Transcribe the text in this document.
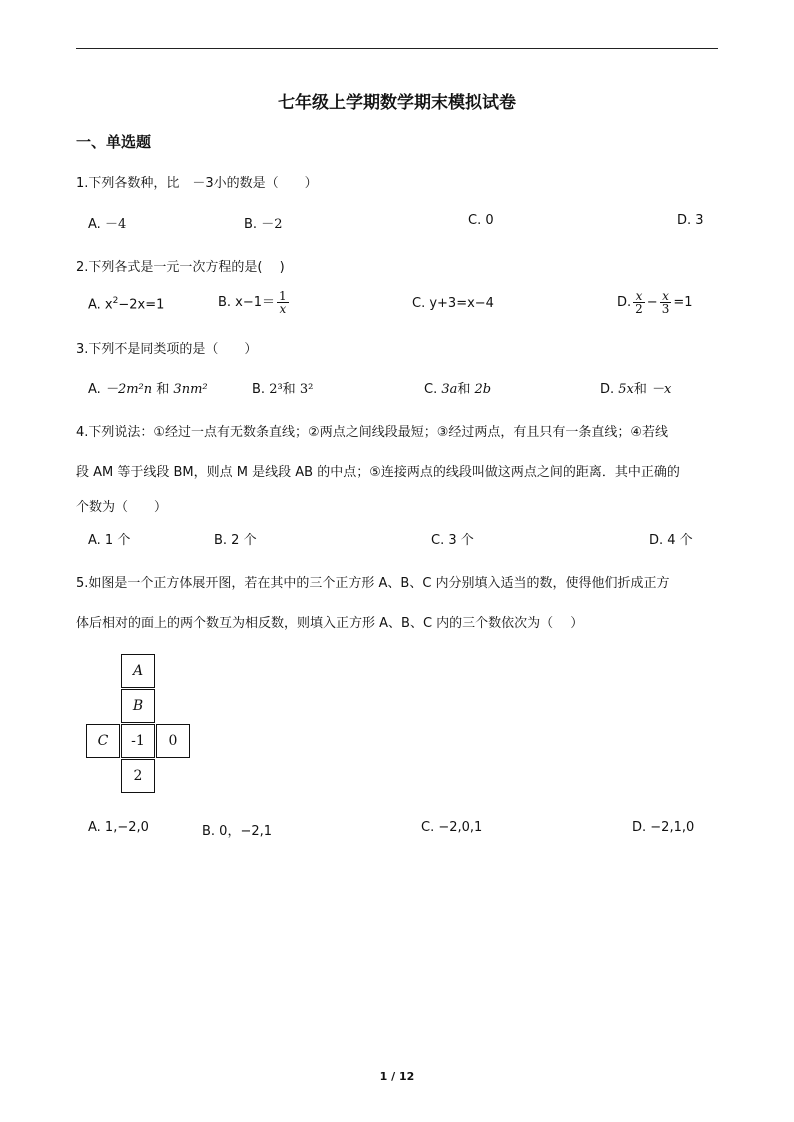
七年级上学期数学期末模拟试卷
一、单选题
1.下列各数种，比　－3小的数是（　　）
A. －4	B. －2	C. 0	D. 3
2.下列各式是一元一次方程的是(　 )
A. $x^2-2x=1$	B. $x-1= \frac{1}{x}$	C. y+3=x−4	D. $\frac{x}{2} - \frac{x}{3} =1$
3.下列不是同类项的是（　　）
A. －2m²n 和 3nm²	B. 2³和 3²	C. 3a和 2b	D. 5x和 －x
4.下列说法：①经过一点有无数条直线；②两点之间线段最短；③经过两点，有且只有一条直线；④若线
段 AM 等于线段 BM，则点 M 是线段 AB 的中点；⑤连接两点的线段叫做这两点之间的距离．其中正确的
个数为（　　）
A. 1 个	B. 2 个	C. 3 个	D. 4 个
5.如图是一个正方体展开图，若在其中的三个正方形 A、B、C 内分别填入适当的数，使得他们折成正方
体后相对的面上的两个数互为相反数，则填入正方形 A、B、C 内的三个数依次为（　 ）
A
B
C	-1	0
2
A. 1,−2,0	B. 0，−2,1	C. −2,0,1	D. −2,1,0
1 / 12
